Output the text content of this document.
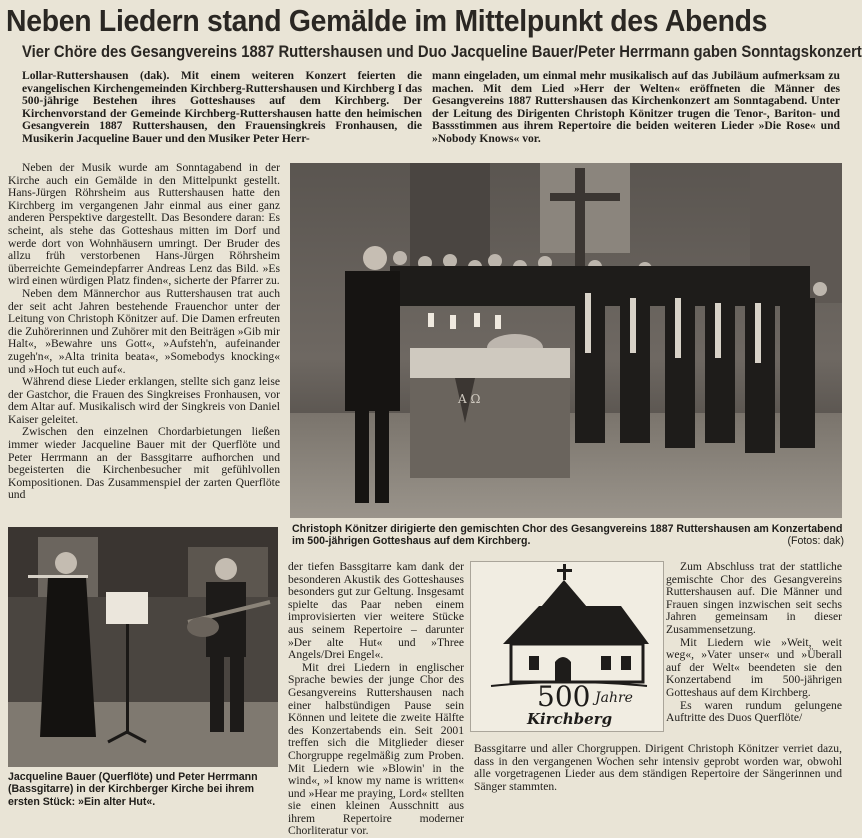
Neben Liedern stand Gemälde im Mittelpunkt des Abends
Vier Chöre des Gesangvereins 1887 Ruttershausen und Duo Jacqueline Bauer/Peter Herrmann gaben Sonntagskonzert

Lollar-Ruttershausen (dak). Mit einem weiteren Konzert feierten die evangelischen Kirchengemeinden Kirchberg-Ruttershausen und Kirchberg I das 500-jährige Bestehen ihres Gotteshauses auf dem Kirchberg. Der Kirchenvorstand der Gemeinde Kirchberg-Ruttershausen hatte den heimischen Gesangverein 1887 Ruttershausen, den Frauensingkreis Fronhausen, die Musikerin Jacqueline Bauer und den Musiker Peter Herr-

mann eingeladen, um einmal mehr musikalisch auf das Jubiläum aufmerksam zu machen. Mit dem Lied »Herr der Welten« eröffneten die Männer des Gesangvereins 1887 Ruttershausen das Kirchenkonzert am Sonntagabend. Unter der Leitung des Dirigenten Christoph Könitzer trugen die Tenor-, Bariton- und Bassstimmen aus ihrem Repertoire die beiden weiteren Lieder »Die Rose« und »Nobody Knows« vor.

Neben der Musik wurde am Sonntagabend in der Kirche auch ein Gemälde in den Mittelpunkt gestellt. Hans-Jürgen Röhrsheim aus Ruttershausen hatte den Kirchberg im vergangenen Jahr einmal aus einer ganz anderen Perspektive dargestellt. Das Besondere daran: Es scheint, als stehe das Gotteshaus mitten im Dorf und werde dort von Wohnhäusern umringt. Der Bruder des allzu früh verstorbenen Hans-Jürgen Röhrsheim überreichte Gemeindepfarrer Andreas Lenz das Bild. »Es wird einen würdigen Platz finden«, sicherte der Pfarrer zu.

Neben dem Männerchor aus Ruttershausen trat auch der seit acht Jahren bestehende Frauenchor unter der Leitung von Christoph Könitzer auf. Die Damen erfreuten die Zuhörerinnen und Zuhörer mit den Beiträgen »Gib mir Halt«, »Bewahre uns Gott«, »Aufsteh'n, aufeinander zugeh'n«, »Alta trinita beata«, »Somebodys knocking« und »Hoch tut euch auf«.

Während diese Lieder erklangen, stellte sich ganz leise der Gastchor, die Frauen des Singkreises Fronhausen, vor dem Altar auf. Musikalisch wird der Singkreis von Daniel Kaiser geleitet.

Zwischen den einzelnen Chordarbietungen ließen immer wieder Jacqueline Bauer mit der Querflöte und Peter Herrmann an der Bassgitarre aufhorchen und begeisterten die Kirchenbesucher mit gefühlvollen Kompositionen. Das Zusammenspiel der zarten Querflöte und

A Ω
Christoph Könitzer dirigierte den gemischten Chor des Gesangvereins 1887 Ruttershausen am Konzertabend im 500-jährigen Gotteshaus auf dem Kirchberg.	(Fotos: dak)
Jacqueline Bauer (Querflöte) und Peter Herrmann (Bassgitarre) in der Kirchberger Kirche bei ihrem ersten Stück: »Ein alter Hut«.

der tiefen Bassgitarre kam dank der besonderen Akustik des Gotteshauses besonders gut zur Geltung. Insgesamt spielte das Paar neben einem improvisierten vier weitere Stücke aus seinem Repertoire – darunter »Der alte Hut« und »Three Angels/Drei Engel«.

Mit drei Liedern in englischer Sprache bewies der junge Chor des Gesangvereins Ruttershausen nach einer halbstündigen Pause sein Können und leitete die zweite Hälfte des Konzertabends ein. Seit 2001 treffen sich die Mitglieder dieser Chorgruppe regelmäßig zum Proben. Mit Liedern wie »Blowin' in the wind«, »I know my name is written« und »Hear me praying, Lord« stellten sie einen kleinen Ausschnitt aus ihrem Repertoire moderner Chorliteratur vor.

500 Jahre
Kirchberg

Zum Abschluss trat der stattliche gemischte Chor des Gesangvereins Ruttershausen auf. Die Männer und Frauen singen inzwischen seit sechs Jahren gemeinsam in dieser Zusammensetzung.

Mit Liedern wie »Weit, weit weg«, »Vater unser« und »Überall auf der Welt« beendeten sie den Konzertabend im 500-jährigen Gotteshaus auf dem Kirchberg.

Es waren rundum gelungene Auftritte des Duos Querflöte/

Bassgitarre und aller Chorgruppen. Dirigent Christoph Könitzer verriet dazu, dass in den vergangenen Wochen sehr intensiv geprobt worden war, obwohl alle vorgetragenen Lieder aus dem ständigen Repertoire der Sängerinnen und Sänger stammten.
